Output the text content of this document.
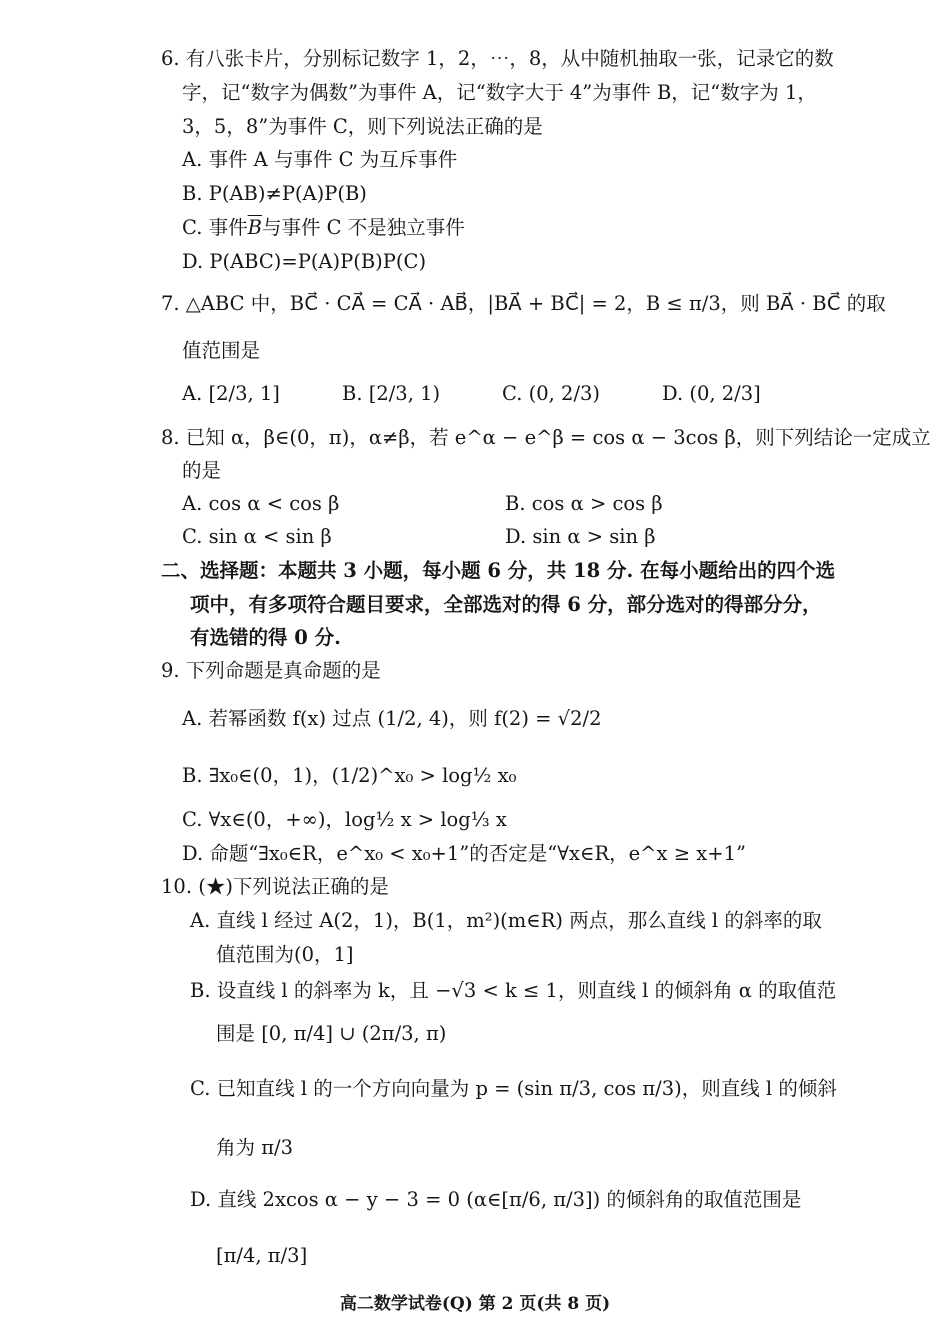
6. 有八张卡片，分别标记数字 1，2，⋯，8，从中随机抽取一张，记录它的数
字，记“数字为偶数”为事件 A，记“数字大于 4”为事件 B，记“数字为 1，
3，5，8”为事件 C，则下列说法正确的是
A. 事件 A 与事件 C 为互斥事件
B. P(AB)≠P(A)P(B)
C. 事件$\overline{B}$与事件 C 不是独立事件
D. P(ABC)=P(A)P(B)P(C)
7. △ABC 中，BC⃗ · CA⃗ = CA⃗ · AB⃗，|BA⃗ + BC⃗| = 2，B ≤ π/3，则 BA⃗ · BC⃗ 的取
值范围是
A. [2/3, 1]	B. [2/3, 1)	C. (0, 2/3)	D. (0, 2/3]
8. 已知 α，β∈(0，π)，α≠β，若 e^α − e^β = cos α − 3cos β，则下列结论一定成立
的是
A. cos α < cos β	B. cos α > cos β
C. sin α < sin β	D. sin α > sin β
二、选择题：本题共 3 小题，每小题 6 分，共 18 分. 在每小题给出的四个选
项中，有多项符合题目要求，全部选对的得 6 分，部分选对的得部分分，
有选错的得 0 分.
9. 下列命题是真命题的是
A. 若幂函数 f(x) 过点 (1/2, 4)，则 f(2) = √2/2
B. ∃x₀∈(0，1)，(1/2)^x₀ > log½ x₀
C. ∀x∈(0，+∞)，log½ x > log⅓ x
D. 命题“∃x₀∈R，e^x₀ < x₀+1”的否定是“∀x∈R，e^x ≥ x+1”
10. (★)下列说法正确的是
A. 直线 l 经过 A(2，1)，B(1，m²)(m∈R) 两点，那么直线 l 的斜率的取
值范围为(0，1]
B. 设直线 l 的斜率为 k，且 −√3 < k ≤ 1，则直线 l 的倾斜角 α 的取值范
围是 [0, π/4] ∪ (2π/3, π)
C. 已知直线 l 的一个方向向量为 p = (sin π/3, cos π/3)，则直线 l 的倾斜
角为 π/3
D. 直线 2xcos α − y − 3 = 0 (α∈[π/6, π/3]) 的倾斜角的取值范围是
[π/4, π/3]
高二数学试卷(Q) 第 2 页(共 8 页)
